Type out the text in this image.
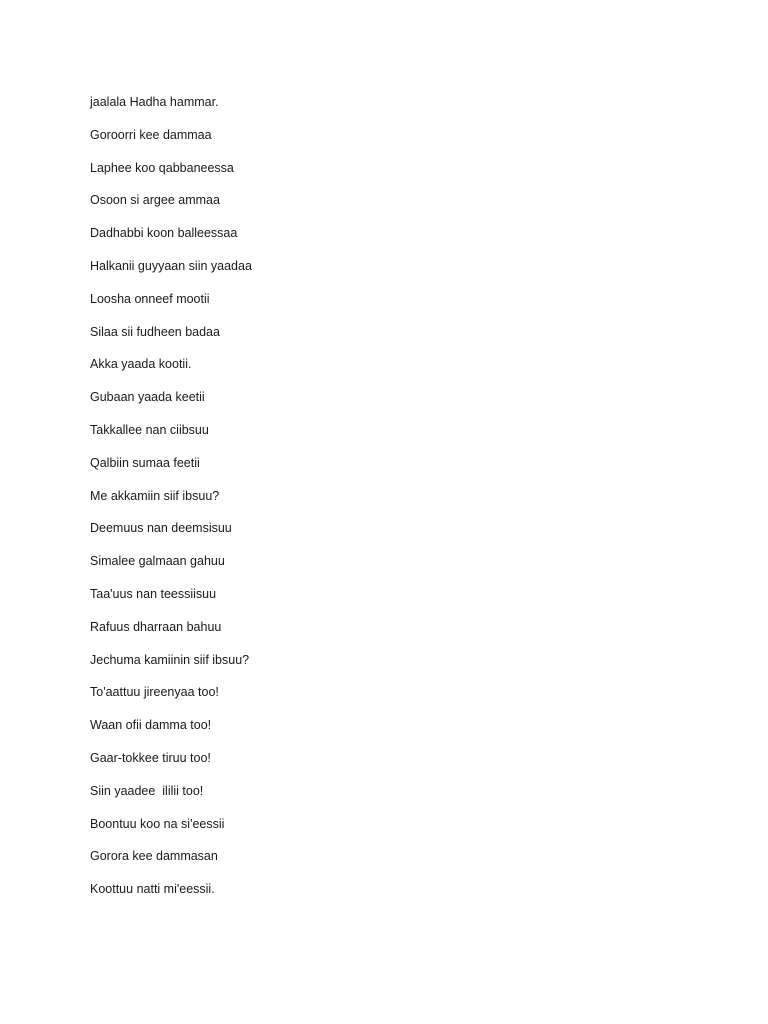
jaalala Hadha hammar.
Goroorri kee dammaa
Laphee koo qabbaneessa
Osoon si argee ammaa
Dadhabbi koon balleessaa
Halkanii guyyaan siin yaadaa
Loosha onneef mootii
Silaa sii fudheen badaa
Akka yaada kootii.
Gubaan yaada keetii
Takkallee nan ciibsuu
Qalbiin sumaa feetii
Me akkamiin siif ibsuu?
Deemuus nan deemsisuu
Simalee galmaan gahuu
Taa'uus nan teessiisuu
Rafuus dharraan bahuu
Jechuma kamiinin siif ibsuu?
To'aattuu jireenyaa too!
Waan ofii damma too!
Gaar-tokkee tiruu too!
Siin yaadee  ililii too!
Boontuu koo na si'eessii
Gorora kee dammasan
Koottuu natti mi'eessii.
